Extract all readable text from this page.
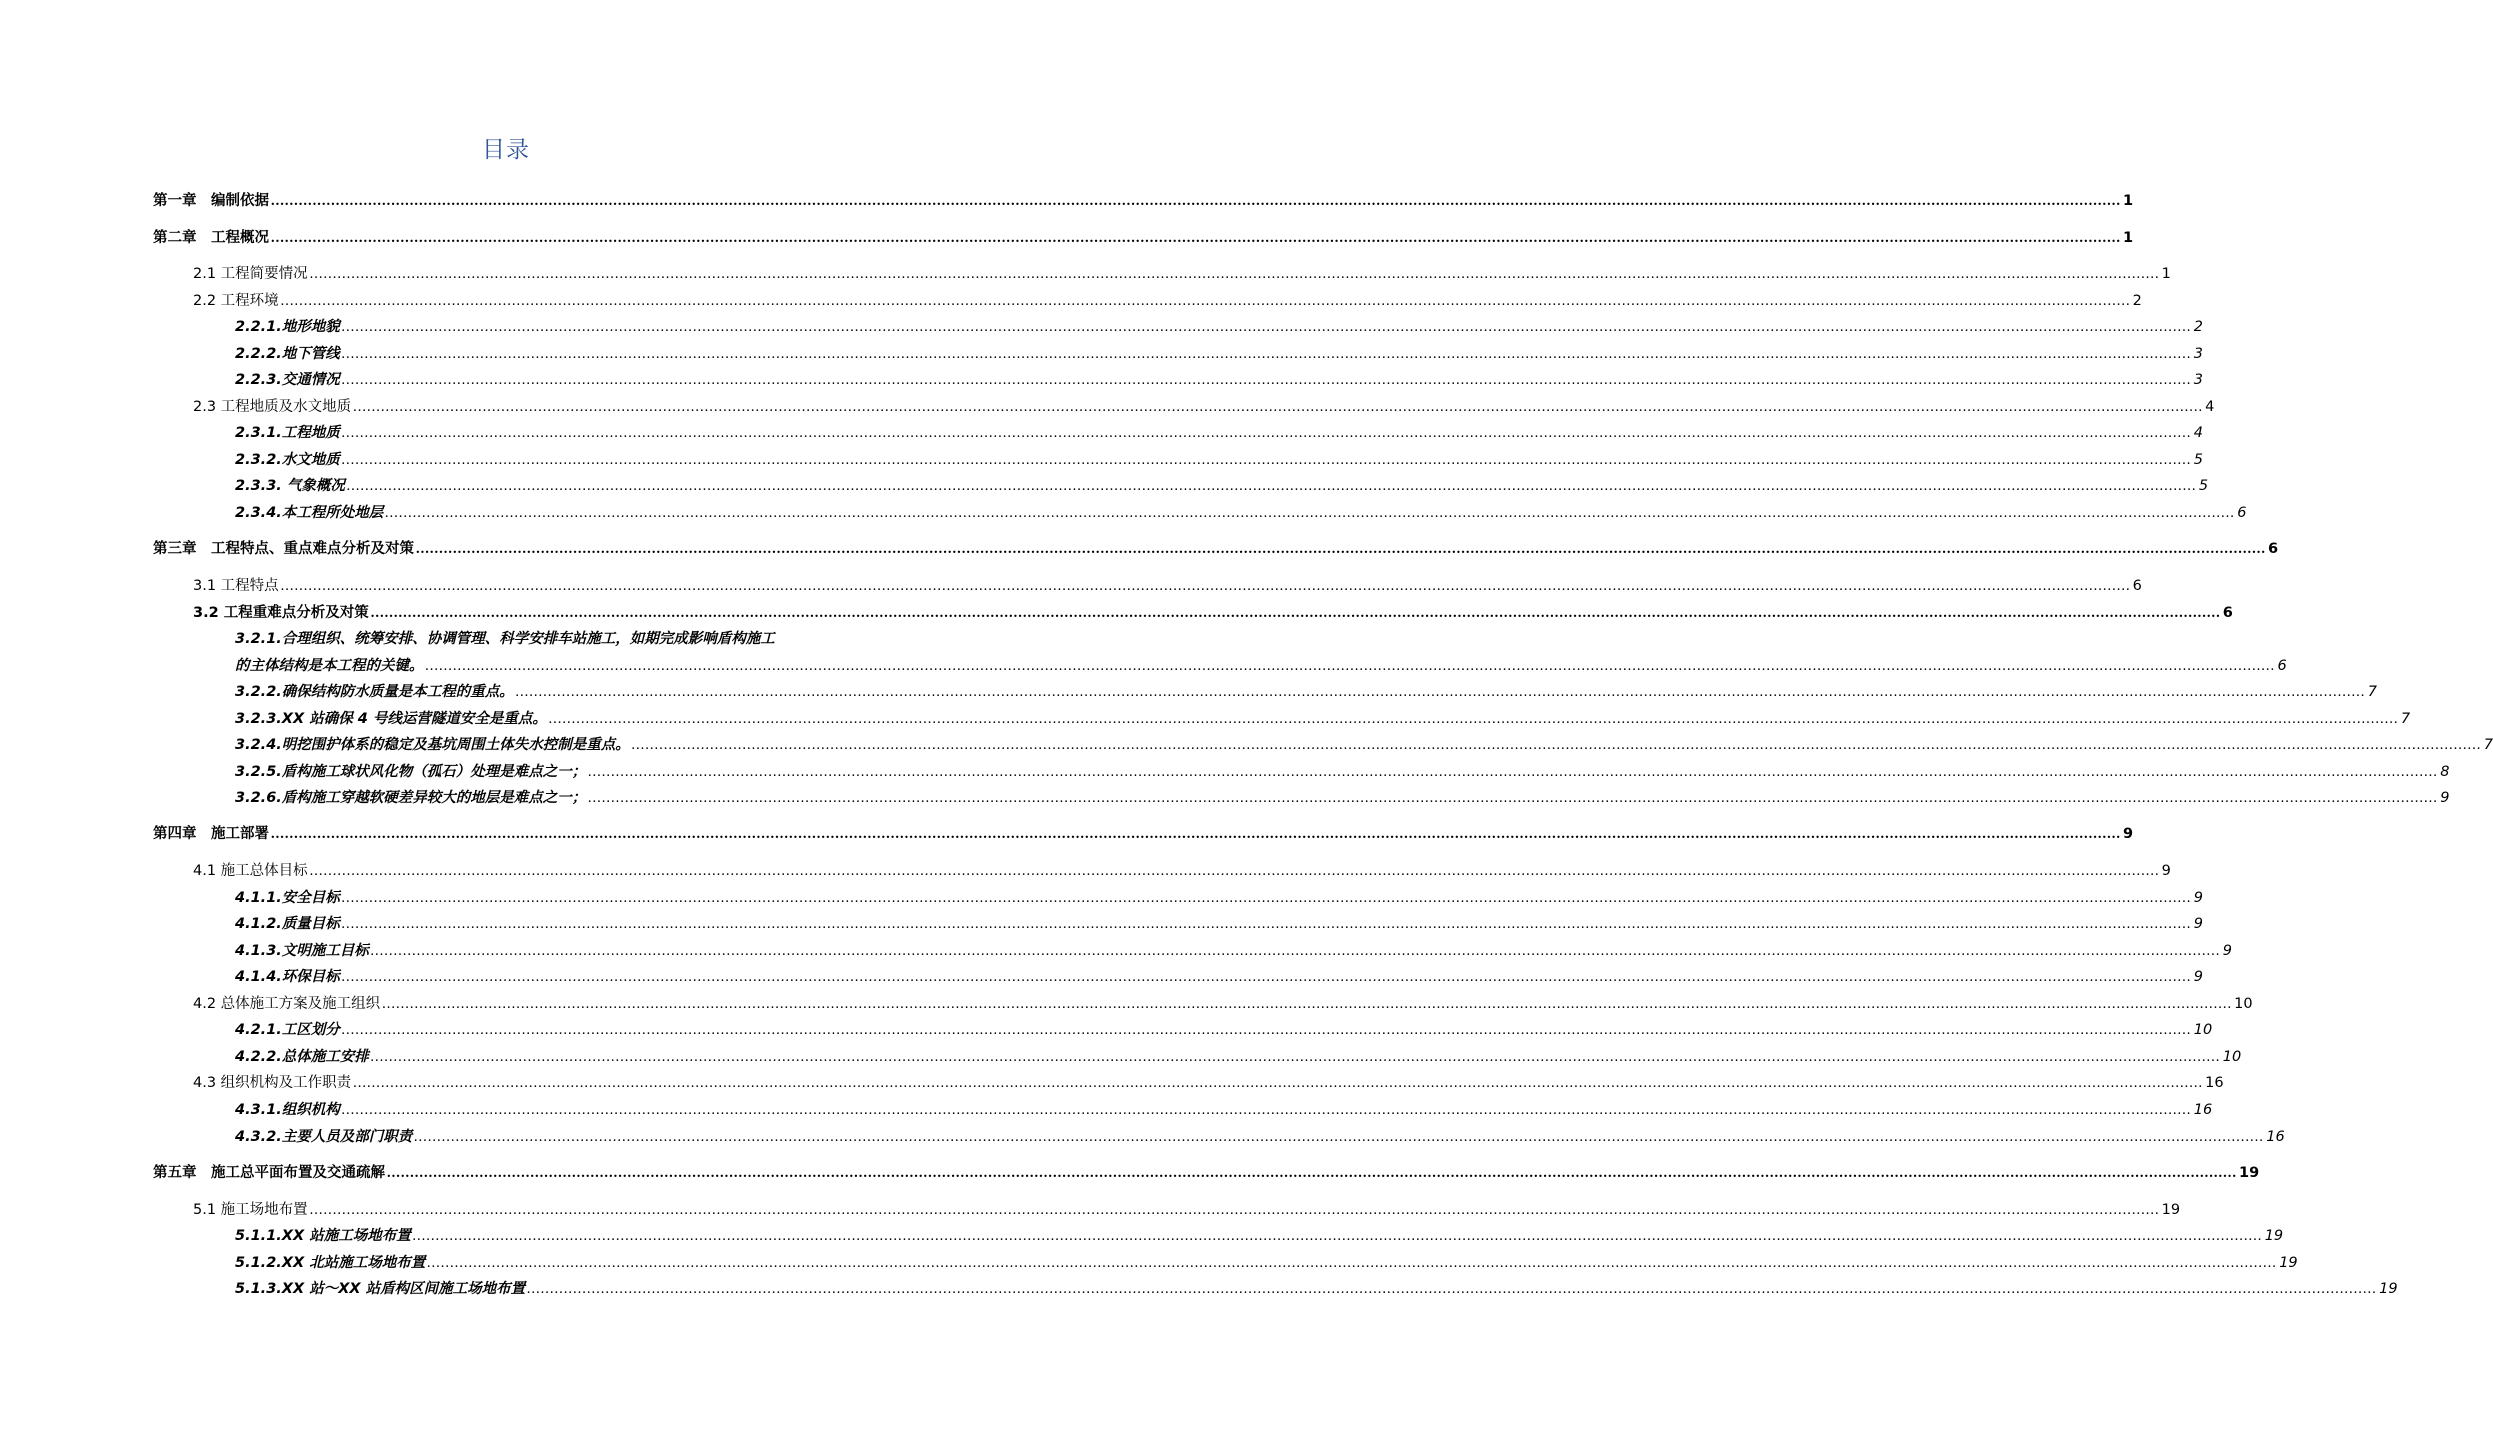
目录
第一章　编制依据 ................................................................................................................................................................................................................................................................................................................................................................................................................ 1
第二章　工程概况 ................................................................................................................................................................................................................................................................................................................................................................................................................ 1
2.1 工程简要情况 ................................................................................................................................................................................................................................................................................................................................................................................................................ 1
2.2 工程环境 ................................................................................................................................................................................................................................................................................................................................................................................................................ 2
2.2.1.地形地貌 ................................................................................................................................................................................................................................................................................................................................................................................................................ 2
2.2.2.地下管线 ................................................................................................................................................................................................................................................................................................................................................................................................................ 3
2.2.3.交通情况 ................................................................................................................................................................................................................................................................................................................................................................................................................ 3
2.3 工程地质及水文地质 ................................................................................................................................................................................................................................................................................................................................................................................................................ 4
2.3.1.工程地质 ................................................................................................................................................................................................................................................................................................................................................................................................................ 4
2.3.2.水文地质 ................................................................................................................................................................................................................................................................................................................................................................................................................ 5
2.3.3. 气象概况 ................................................................................................................................................................................................................................................................................................................................................................................................................ 5
2.3.4.本工程所处地层 ................................................................................................................................................................................................................................................................................................................................................................................................................ 6
第三章　工程特点、重点难点分析及对策 ................................................................................................................................................................................................................................................................................................................................................................................................................ 6
3.1 工程特点 ................................................................................................................................................................................................................................................................................................................................................................................................................ 6
3.2 工程重难点分析及对策 ................................................................................................................................................................................................................................................................................................................................................................................................................ 6
3.2.1.合理组织、统筹安排、协调管理、科学安排车站施工，如期完成影响盾构施工
的主体结构是本工程的关键。 ................................................................................................................................................................................................................................................................................................................................................................................................................ 6
3.2.2.确保结构防水质量是本工程的重点。 ................................................................................................................................................................................................................................................................................................................................................................................................................ 7
3.2.3.XX 站确保 4 号线运营隧道安全是重点。 ................................................................................................................................................................................................................................................................................................................................................................................................................ 7
3.2.4.明挖围护体系的稳定及基坑周围土体失水控制是重点。 ................................................................................................................................................................................................................................................................................................................................................................................................................ 7
3.2.5.盾构施工球状风化物（孤石）处理是难点之一； ................................................................................................................................................................................................................................................................................................................................................................................................................ 8
3.2.6.盾构施工穿越软硬差异较大的地层是难点之一； ................................................................................................................................................................................................................................................................................................................................................................................................................ 9
第四章　施工部署 ................................................................................................................................................................................................................................................................................................................................................................................................................ 9
4.1 施工总体目标 ................................................................................................................................................................................................................................................................................................................................................................................................................ 9
4.1.1.安全目标 ................................................................................................................................................................................................................................................................................................................................................................................................................ 9
4.1.2.质量目标 ................................................................................................................................................................................................................................................................................................................................................................................................................ 9
4.1.3.文明施工目标 ................................................................................................................................................................................................................................................................................................................................................................................................................ 9
4.1.4.环保目标 ................................................................................................................................................................................................................................................................................................................................................................................................................ 9
4.2 总体施工方案及施工组织 ................................................................................................................................................................................................................................................................................................................................................................................................................ 10
4.2.1.工区划分 ................................................................................................................................................................................................................................................................................................................................................................................................................ 10
4.2.2.总体施工安排 ................................................................................................................................................................................................................................................................................................................................................................................................................ 10
4.3 组织机构及工作职责 ................................................................................................................................................................................................................................................................................................................................................................................................................ 16
4.3.1.组织机构 ................................................................................................................................................................................................................................................................................................................................................................................................................ 16
4.3.2.主要人员及部门职责 ................................................................................................................................................................................................................................................................................................................................................................................................................ 16
第五章　施工总平面布置及交通疏解 ................................................................................................................................................................................................................................................................................................................................................................................................................ 19
5.1 施工场地布置 ................................................................................................................................................................................................................................................................................................................................................................................................................ 19
5.1.1.XX 站施工场地布置 ................................................................................................................................................................................................................................................................................................................................................................................................................ 19
5.1.2.XX 北站施工场地布置 ................................................................................................................................................................................................................................................................................................................................................................................................................ 19
5.1.3.XX 站～XX 站盾构区间施工场地布置 ................................................................................................................................................................................................................................................................................................................................................................................................................ 19
